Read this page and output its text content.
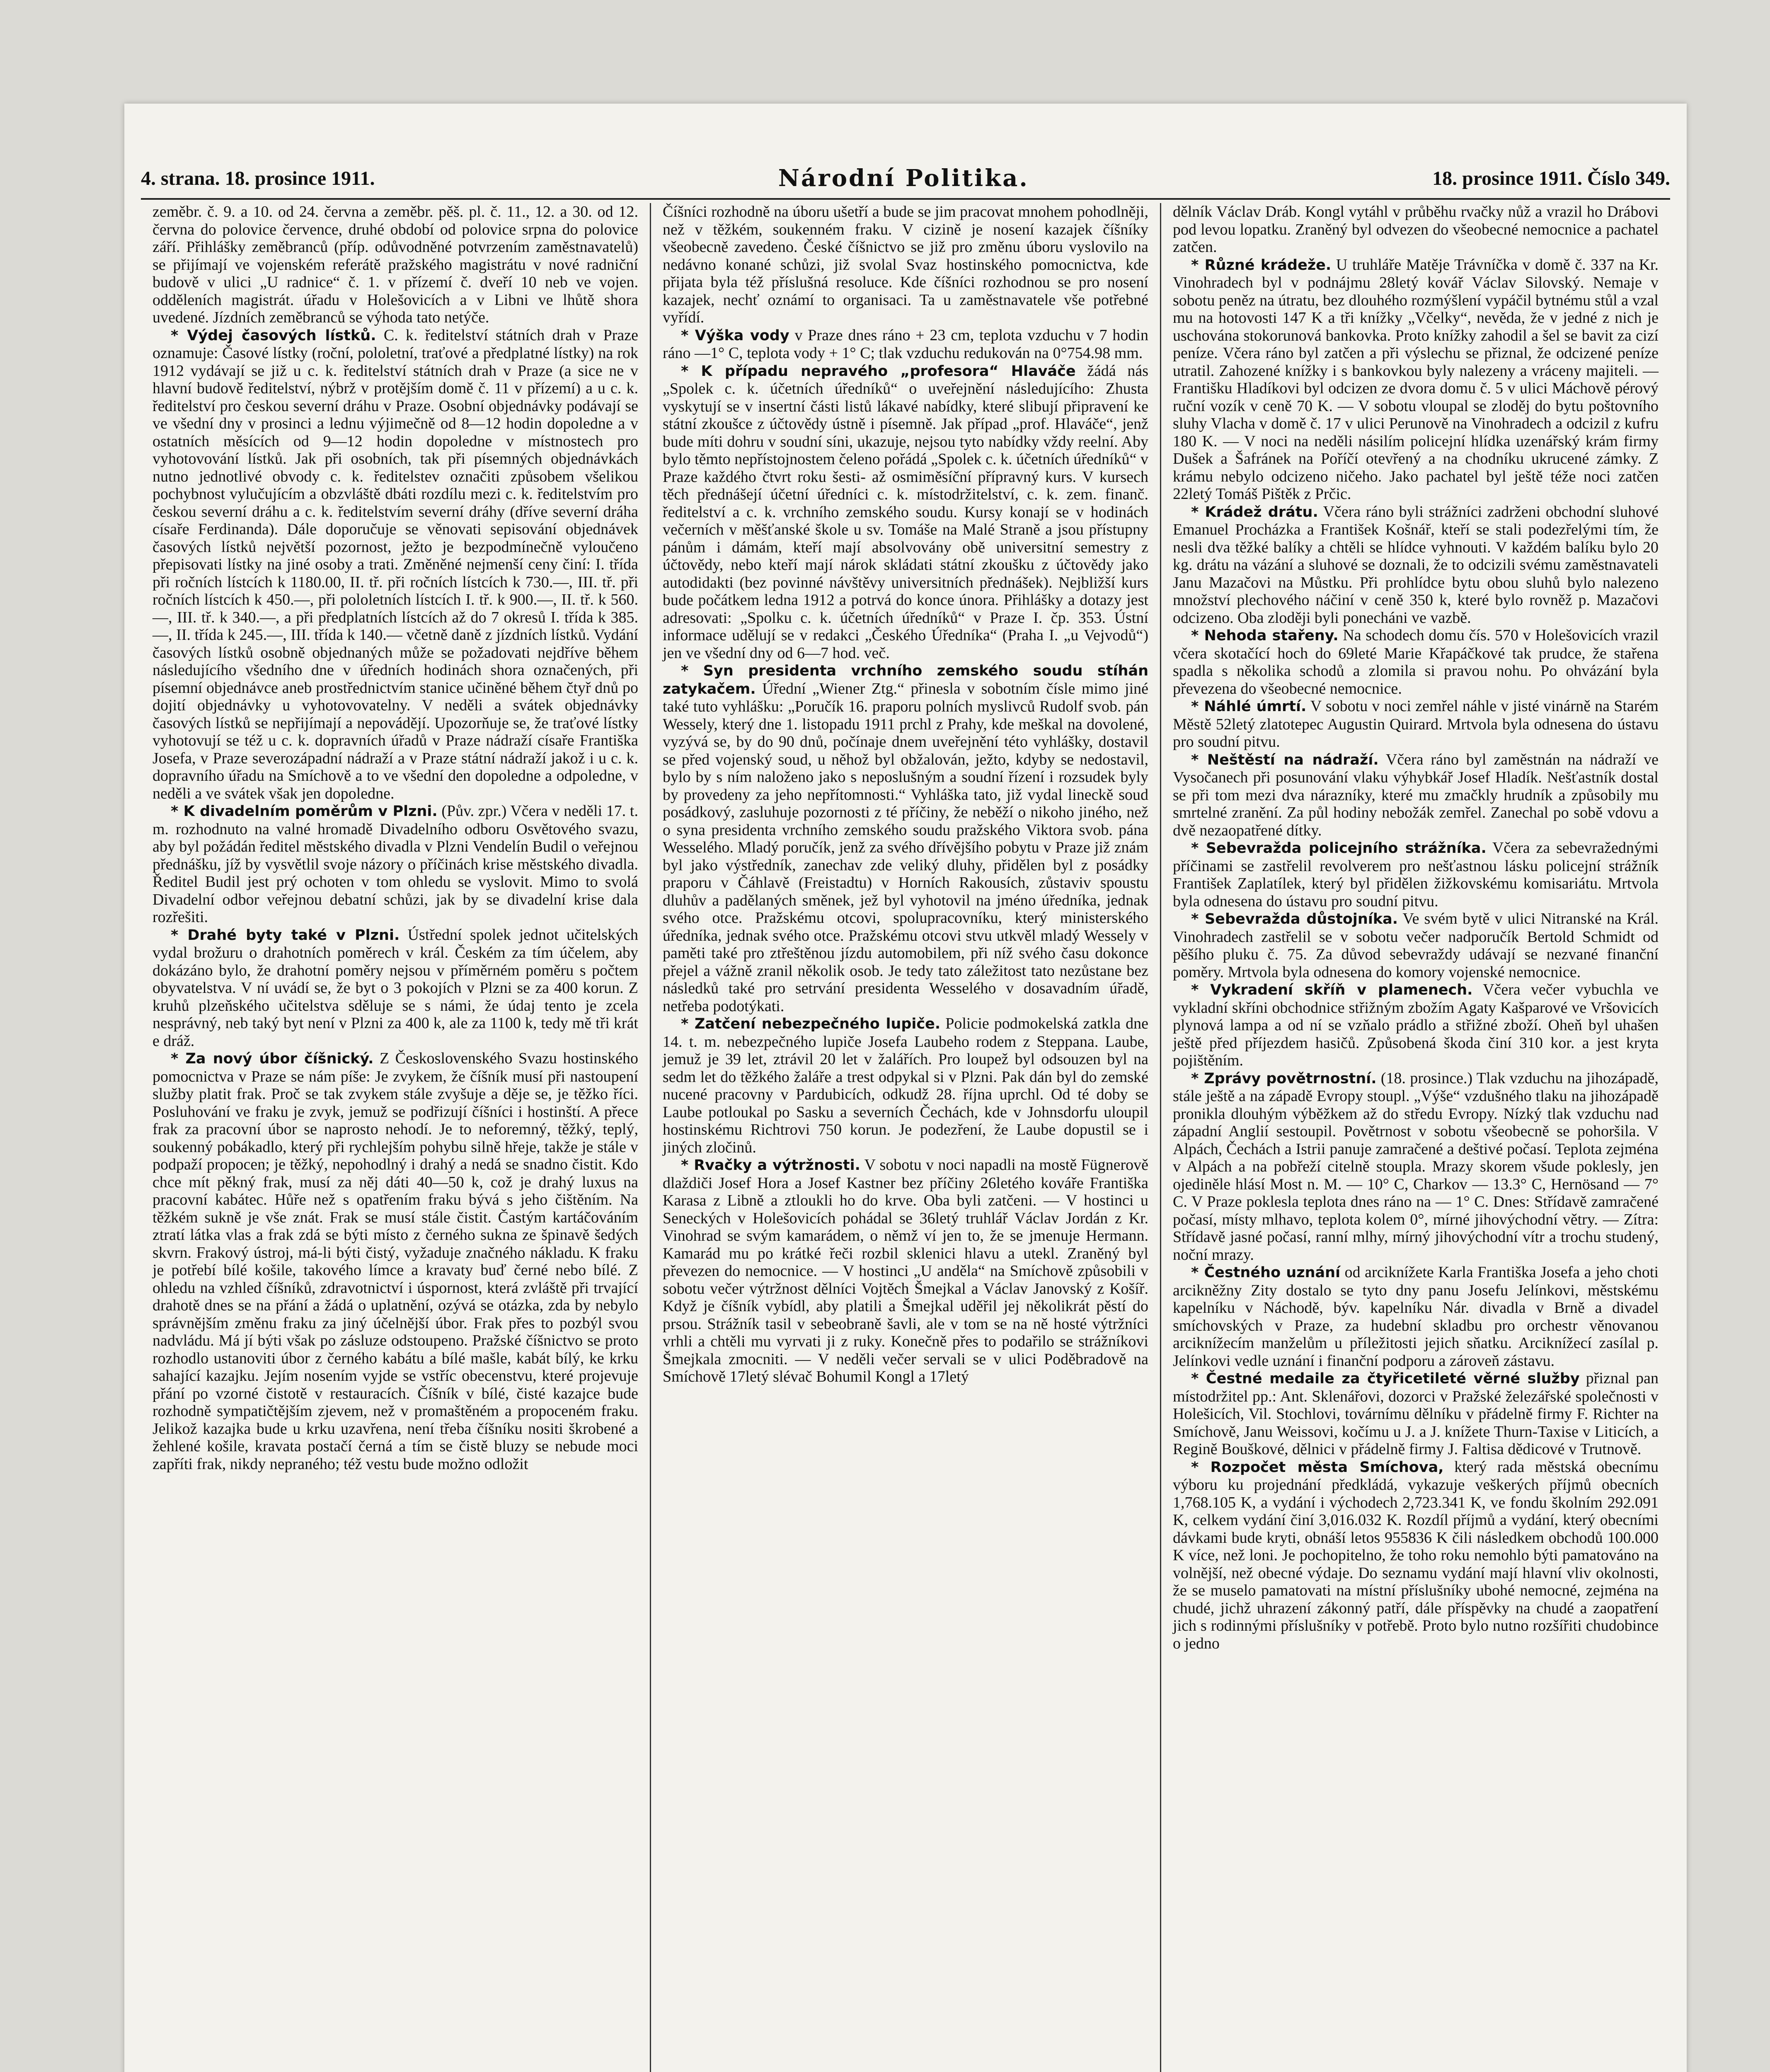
4. strana. 18. prosince 1911.	Národní Politika.	18. prosince 1911. Číslo 349.

zeměbr. č. 9. a 10. od 24. června a zeměbr. pěš. pl. č. 11., 12. a 30. od 12. června do polovice července, druhé období od polovice srpna do polovice září. Přihlášky zeměbranců (příp. odůvodněné potvrzením zaměstnavatelů) se přijímají ve vojenském referátě pražského magistrátu v nové radniční budově v ulici „U radnice“ č. 1. v přízemí č. dveří 10 neb ve vojen. odděleních magistrát. úřadu v Holešovicích a v Libni ve lhůtě shora uvedené. Jízdních zeměbranců se výhoda tato netýče.

* Výdej časových lístků. C. k. ředitelství státních drah v Praze oznamuje: Časové lístky (roční, pololetní, traťové a předplatné lístky) na rok 1912 vydávají se již u c. k. ředitelství státních drah v Praze (a sice ne v hlavní budově ředitelství, nýbrž v protějším domě č. 11 v přízemí) a u c. k. ředitelství pro českou severní dráhu v Praze. Osobní objednávky podávají se ve všední dny v prosinci a lednu výjimečně od 8—12 hodin dopoledne a v ostatních měsících od 9—12 hodin dopoledne v místnostech pro vyhotovování lístků. Jak při osobních, tak při písemných objednávkách nutno jednotlivé obvody c. k. ředitelstev označiti způsobem všelikou pochybnost vylučujícím a obzvláště dbáti rozdílu mezi c. k. ředitelstvím pro českou severní dráhu a c. k. ředitelstvím severní dráhy (dříve severní dráha císaře Ferdinanda). Dále doporučuje se věnovati sepisování objednávek časových lístků největší pozornost, ježto je bezpodmínečně vyloučeno přepisovati lístky na jiné osoby a trati. Změněné nejmenší ceny činí: I. třída při ročních lístcích k 1180.00, II. tř. při ročních lístcích k 730.—, III. tř. při ročních lístcích k 450.—, při pololetních lístcích I. tř. k 900.—, II. tř. k 560.—, III. tř. k 340.—, a při předplatních lístcích až do 7 okresů I. třída k 385.—, II. třída k 245.—, III. třída k 140.— včetně daně z jízdních lístků. Vydání časových lístků osobně objednaných může se požadovati nejdříve během následujícího všedního dne v úředních hodinách shora označených, při písemní objednávce aneb prostřednictvím stanice učiněné během čtyř dnů po dojití objednávky u vyhotovovatelny. V neděli a svátek objednávky časových lístků se nepřijímají a nepovádějí. Upozorňuje se, že traťové lístky vyhotovují se též u c. k. dopravních úřadů v Praze nádraží císaře Františka Josefa, v Praze severozápadní nádraží a v Praze státní nádraží jakož i u c. k. dopravního úřadu na Smíchově a to ve všední den dopoledne a odpoledne, v neděli a ve svátek však jen dopoledne.

* K divadelním poměrům v Plzni. (Pův. zpr.) Včera v neděli 17. t. m. rozhodnuto na valné hromadě Divadelního odboru Osvětového svazu, aby byl požádán ředitel městského divadla v Plzni Vendelín Budil o veřejnou přednášku, jíž by vysvětlil svoje názory o příčinách krise městského divadla. Ředitel Budil jest prý ochoten v tom ohledu se vyslovit. Mimo to svolá Divadelní odbor veřejnou debatní schůzi, jak by se divadelní krise dala rozřešiti.

* Drahé byty také v Plzni. Ústřední spolek jednot učitelských vydal brožuru o drahotních poměrech v král. Českém za tím účelem, aby dokázáno bylo, že drahotní poměry nejsou v příměrném poměru s počtem obyvatelstva. V ní uvádí se, že byt o 3 pokojích v Plzni se za 400 korun. Z kruhů plzeňského učitelstva sděluje se s námi, že údaj tento je zcela nesprávný, neb taký byt není v Plzni za 400 k, ale za 1100 k, tedy mě tři krát e dráž.

* Za nový úbor číšnický. Z Československého Svazu hostinského pomocnictva v Praze se nám píše: Je zvykem, že číšník musí při nastoupení služby platit frak. Proč se tak zvykem stále zvyšuje a děje se, je těžko říci. Posluhování ve fraku je zvyk, jemuž se podřizují číšníci i hostinští. A přece frak za pracovní úbor se naprosto nehodí. Je to neforemný, těžký, teplý, soukenný pobákadlo, který při rychlejším pohybu silně hřeje, takže je stále v podpaží propocen; je těžký, nepohodlný i drahý a nedá se snadno čistit. Kdo chce mít pěkný frak, musí za něj dáti 40—50 k, což je drahý luxus na pracovní kabátec. Hůře než s opatřením fraku bývá s jeho čištěním. Na těžkém sukně je vše znát. Frak se musí stále čistit. Častým kartáčováním ztratí látka vlas a frak zdá se býti místo z černého sukna ze špinavě šedých skvrn. Frakový ústroj, má-li býti čistý, vyžaduje značného nákladu. K fraku je potřebí bílé košile, takového límce a kravaty buď černé nebo bílé. Z ohledu na vzhled číšníků, zdravotnictví i úspornost, která zvláště při trvající drahotě dnes se na přání a žádá o uplatnění, ozývá se otázka, zda by nebylo správnějším změnu fraku za jiný účelnější úbor. Frak přes to pozbýl svou nadvládu. Má jí býti však po zásluze odstoupeno. Pražské číšnictvo se proto rozhodlo ustanoviti úbor z černého kabátu a bílé mašle, kabát bílý, ke krku sahající kazajku. Jejím nosením vyjde se vstříc obecenstvu, které projevuje přání po vzorné čistotě v restauracích. Číšník v bílé, čisté kazajce bude rozhodně sympatičtějším zjevem, než v promaštěném a propoceném fraku. Jelikož kazajka bude u krku uzavřena, není třeba číšníku nositi škrobené a žehlené košile, kravata postačí černá a tím se čistě bluzy se nebude moci zapříti frak, nikdy nepraného; též vestu bude možno odložit

Číšníci rozhodně na úboru ušetří a bude se jim pracovat mnohem pohodlněji, než v těžkém, soukenném fraku. V cizině je nosení kazajek číšníky všeobecně zavedeno. České číšnictvo se již pro změnu úboru vyslovilo na nedávno konané schůzi, již svolal Svaz hostinského pomocnictva, kde přijata byla též příslušná resoluce. Kde číšníci rozhodnou se pro nosení kazajek, nechť oznámí to organisaci. Ta u zaměstnavatele vše potřebné vyřídí.

* Výška vody v Praze dnes ráno + 23 cm, teplota vzduchu v 7 hodin ráno —1° C, teplota vody + 1° C; tlak vzduchu redukován na 0°754.98 mm.

* K případu nepravého „profesora“ Hlaváče žádá nás „Spolek c. k. účetních úředníků“ o uveřejnění následujícího: Zhusta vyskytují se v insertní části listů lákavé nabídky, které slibují připravení ke státní zkoušce z účtovědy ústně i písemně. Jak případ „prof. Hlaváče“, jenž bude míti dohru v soudní síni, ukazuje, nejsou tyto nabídky vždy reelní. Aby bylo těmto nepřístojnostem čeleno pořádá „Spolek c. k. účetních úředníků“ v Praze každého čtvrt roku šesti- až osmiměsíční přípravný kurs. V kursech těch přednášejí účetní úředníci c. k. místodržitelství, c. k. zem. finanč. ředitelství a c. k. vrchního zemského soudu. Kursy konají se v hodinách večerních v měšťanské škole u sv. Tomáše na Malé Straně a jsou přístupny pánům i dámám, kteří mají absolvovány obě universitní semestry z účtovědy, nebo kteří mají nárok skládati státní zkoušku z účtovědy jako autodidakti (bez povinné návštěvy universitních přednášek). Nejbližší kurs bude počátkem ledna 1912 a potrvá do konce února. Přihlášky a dotazy jest adresovati: „Spolku c. k. účetních úředníků“ v Praze I. čp. 353. Ústní informace udělují se v redakci „Českého Úředníka“ (Praha I. „u Vejvodů“) jen ve všední dny od 6—7 hod. več.

* Syn presidenta vrchního zemského soudu stíhán zatykačem. Úřední „Wiener Ztg.“ přinesla v sobotním čísle mimo jiné také tuto vyhlášku: „Poručík 16. praporu polních myslivců Rudolf svob. pán Wessely, který dne 1. listopadu 1911 prchl z Prahy, kde meškal na dovolené, vyzývá se, by do 90 dnů, počínaje dnem uveřejnění této vyhlášky, dostavil se před vojenský soud, u něhož byl obžalován, ježto, kdyby se nedostavil, bylo by s ním naloženo jako s neposlušným a soudní řízení i rozsudek byly by provedeny za jeho nepřítomnosti.“ Vyhláška tato, již vydal lineckě soud posádkový, zasluhuje pozornosti z té příčiny, že neběží o nikoho jiného, než o syna presidenta vrchního zemského soudu pražského Viktora svob. pána Wesselého. Mladý poručík, jenž za svého dřívějšího pobytu v Praze již znám byl jako výstředník, zanechav zde veliký dluhy, přidělen byl z posádky praporu v Čáhlavě (Freistadtu) v Horních Rakousích, zůstaviv spoustu dluhův a padělaných směnek, jež byl vyhotovil na jméno úředníka, jednak svého otce. Pražskému otcovi, spolupracovníku, který ministerského úředníka, jednak svého otce. Pražskému otcovi stvu utkvěl mladý Wessely v paměti také pro ztřeštěnou jízdu automobilem, při níž svého času dokonce přejel a vážně zranil několik osob. Je tedy tato záležitost tato nezůstane bez následků také pro setrvání presidenta Wesselého v dosavadním úřadě, netřeba podotýkati.

* Zatčení nebezpečného lupiče. Policie podmokelská zatkla dne 14. t. m. nebezpečného lupiče Josefa Laubeho rodem z Steppana. Laube, jemuž je 39 let, ztrávil 20 let v žalářích. Pro loupež byl odsouzen byl na sedm let do těžkého žaláře a trest odpykal si v Plzni. Pak dán byl do zemské nucené pracovny v Pardubicích, odkudž 28. října uprchl. Od té doby se Laube potloukal po Sasku a severních Čechách, kde v Johnsdorfu uloupil hostinskému Richtrovi 750 korun. Je podezření, že Laube dopustil se i jiných zločinů.

* Rvačky a výtržnosti. V sobotu v noci napadli na mostě Fügnerově dlaždiči Josef Hora a Josef Kastner bez příčiny 26letého kováře Františka Karasa z Libně a ztloukli ho do krve. Oba byli zatčeni. — V hostinci u Seneckých v Holešovicích pohádal se 36letý truhlář Václav Jordán z Kr. Vinohrad se svým kamarádem, o němž ví jen to, že se jmenuje Hermann. Kamarád mu po krátké řeči rozbil sklenici hlavu a utekl. Zraněný byl převezen do nemocnice. — V hostinci „U anděla“ na Smíchově způsobili v sobotu večer výtržnost dělníci Vojtěch Šmejkal a Václav Janovský z Košíř. Když je číšník vybídl, aby platili a Šmejkal uděřil jej několikrát pěstí do prsou. Strážník tasil v sebeobraně šavli, ale v tom se na ně hosté výtržníci vrhli a chtěli mu vyrvati ji z ruky. Konečně přes to podařilo se strážníkovi Šmejkala zmocniti. — V neděli večer servali se v ulici Poděbradově na Smíchově 17letý slévač Bohumil Kongl a 17letý

dělník Václav Dráb. Kongl vytáhl v průběhu rvačky nůž a vrazil ho Drábovi pod levou lopatku. Zraněný byl odvezen do všeobecné nemocnice a pachatel zatčen.

* Různé krádeže. U truhláře Matěje Trávníčka v domě č. 337 na Kr. Vinohradech byl v podnájmu 28letý kovář Václav Silovský. Nemaje v sobotu peněz na útratu, bez dlouhého rozmýšlení vypáčil bytnému stůl a vzal mu na hotovosti 147 K a tři knížky „Včelky“, nevěda, že v jedné z nich je uschována stokorunová bankovka. Proto knížky zahodil a šel se bavit za cizí peníze. Včera ráno byl zatčen a při výslechu se přiznal, že odcizené peníze utratil. Zahozené knížky i s bankovkou byly nalezeny a vráceny majiteli. — Františku Hladíkovi byl odcizen ze dvora domu č. 5 v ulici Máchově pérový ruční vozík v ceně 70 K. — V sobotu vloupal se zloděj do bytu poštovního sluhy Vlacha v domě č. 17 v ulici Perunově na Vinohradech a odcizil z kufru 180 K. — V noci na neděli násilím policejní hlídka uzenářský krám firmy Dušek a Šafránek na Poříčí otevřený a na chodníku ukrucené zámky. Z krámu nebylo odcizeno ničeho. Jako pachatel byl ještě téže noci zatčen 22letý Tomáš Pištěk z Prčic.

* Krádež drátu. Včera ráno byli strážníci zadrženi obchodní sluhové Emanuel Procházka a František Košnář, kteří se stali podezřelými tím, že nesli dva těžké balíky a chtěli se hlídce vyhnouti. V každém balíku bylo 20 kg. drátu na vázání a sluhové se doznali, že to odcizili svému zaměstnavateli Janu Mazačovi na Můstku. Při prohlídce bytu obou sluhů bylo nalezeno množství plechového náčiní v ceně 350 k, které bylo rovněž p. Mazačovi odcizeno. Oba zloději byli ponecháni ve vazbě.

* Nehoda stařeny. Na schodech domu čís. 570 v Holešovicích vrazil včera skotačící hoch do 69leté Marie Křapáčkové tak prudce, že stařena spadla s několika schodů a zlomila si pravou nohu. Po ohvázání byla převezena do všeobecné nemocnice.

* Náhlé úmrtí. V sobotu v noci zemřel náhle v jisté vinárně na Starém Městě 52letý zlatotepec Augustin Quirard. Mrtvola byla odnesena do ústavu pro soudní pitvu.

* Neštěstí na nádraží. Včera ráno byl zaměstnán na nádraží ve Vysočanech při posunování vlaku výhybkář Josef Hladík. Nešťastník dostal se při tom mezi dva nárazníky, které mu zmačkly hrudník a způsobily mu smrtelné zranění. Za půl hodiny nebožák zemřel. Zanechal po sobě vdovu a dvě nezaopatřené dítky.

* Sebevražda policejního strážníka. Včera za sebevražednými příčinami se zastřelil revolverem pro nešťastnou lásku policejní strážník František Zaplatílek, který byl přidělen žižkovskému komisariátu. Mrtvola byla odnesena do ústavu pro soudní pitvu.

* Sebevražda důstojníka. Ve svém bytě v ulici Nitranské na Král. Vinohradech zastřelil se v sobotu večer nadporučík Bertold Schmidt od pěšího pluku č. 75. Za důvod sebevraždy udávají se nezvané finanční poměry. Mrtvola byla odnesena do komory vojenské nemocnice.

* Vykradení skříň v plamenech. Včera večer vybuchla ve vykladní skříni obchodnice střižným zbožím Agaty Kašparové ve Vršovicích plynová lampa a od ní se vzňalo prádlo a střižné zboží. Oheň byl uhašen ještě před příjezdem hasičů. Způsobená škoda činí 310 kor. a jest kryta pojištěním.

* Zprávy povětrnostní. (18. prosince.) Tlak vzduchu na jihozápadě, stále ještě a na západě Evropy stoupl. „Výše“ vzdušného tlaku na jihozápadě pronikla dlouhým výběžkem až do středu Evropy. Nízký tlak vzduchu nad západní Anglií sestoupil. Povětrnost v sobotu všeobecně se pohoršila. V Alpách, Čechách a Istrii panuje zamračené a deštivé počasí. Teplota zejména v Alpách a na pobřeží citelně stoupla. Mrazy skorem všude poklesly, jen ojediněle hlásí Most n. M. — 10° C, Charkov — 13.3° C, Hernösand — 7° C. V Praze poklesla teplota dnes ráno na — 1° C. Dnes: Střídavě zamračené počasí, místy mlhavo, teplota kolem 0°, mírné jihovýchodní větry. — Zítra: Střídavě jasné počasí, ranní mlhy, mírný jihovýchodní vítr a trochu studený, noční mrazy.

* Čestného uznání od arciknížete Karla Františka Josefa a jeho choti arcikněžny Zity dostalo se tyto dny panu Josefu Jelínkovi, městskému kapelníku v Náchodě, býv. kapelníku Nár. divadla v Brně a divadel smíchovských v Praze, za hudební skladbu pro orchestr věnovanou arciknížecím manželům u příležitosti jejich sňatku. Arciknížecí zasílal p. Jelínkovi vedle uznání i finanční podporu a zároveň zástavu.

* Čestné medaile za čtyřicetileté věrné služby přiznal pan místodržitel pp.: Ant. Sklenářovi, dozorci v Pražské železářské společnosti v Holešicích, Vil. Stochlovi, továrnímu dělníku v přádelně firmy F. Richter na Smíchově, Janu Weissovi, kočímu u J. a J. knížete Thurn-Taxise v Liticích, a Regině Bouškové, dělnici v přádelně firmy J. Faltisa dědicové v Trutnově.

* Rozpočet města Smíchova, který rada městská obecnímu výboru ku projednání předkládá, vykazuje veškerých příjmů obecních 1,768.105 K, a vydání i východech 2,723.341 K, ve fondu školním 292.091 K, celkem vydání činí 3,016.032 K. Rozdíl příjmů a vydání, který obecními dávkami bude kryti, obnáší letos 955836 K čili následkem obchodů 100.000 K více, než loni. Je pochopitelno, že toho roku nemohlo býti pamatováno na volnější, než obecné výdaje. Do seznamu vydání mají hlavní vliv okolnosti, že se muselo pamatovati na místní příslušníky ubohé nemocné, zejména na chudé, jichž uhrazení zákonný patří, dále příspěvky na chudé a zaopatření jich s rodinnými příslušníky v potřebě. Proto bylo nutno rozšířiti chudobince o jedno
